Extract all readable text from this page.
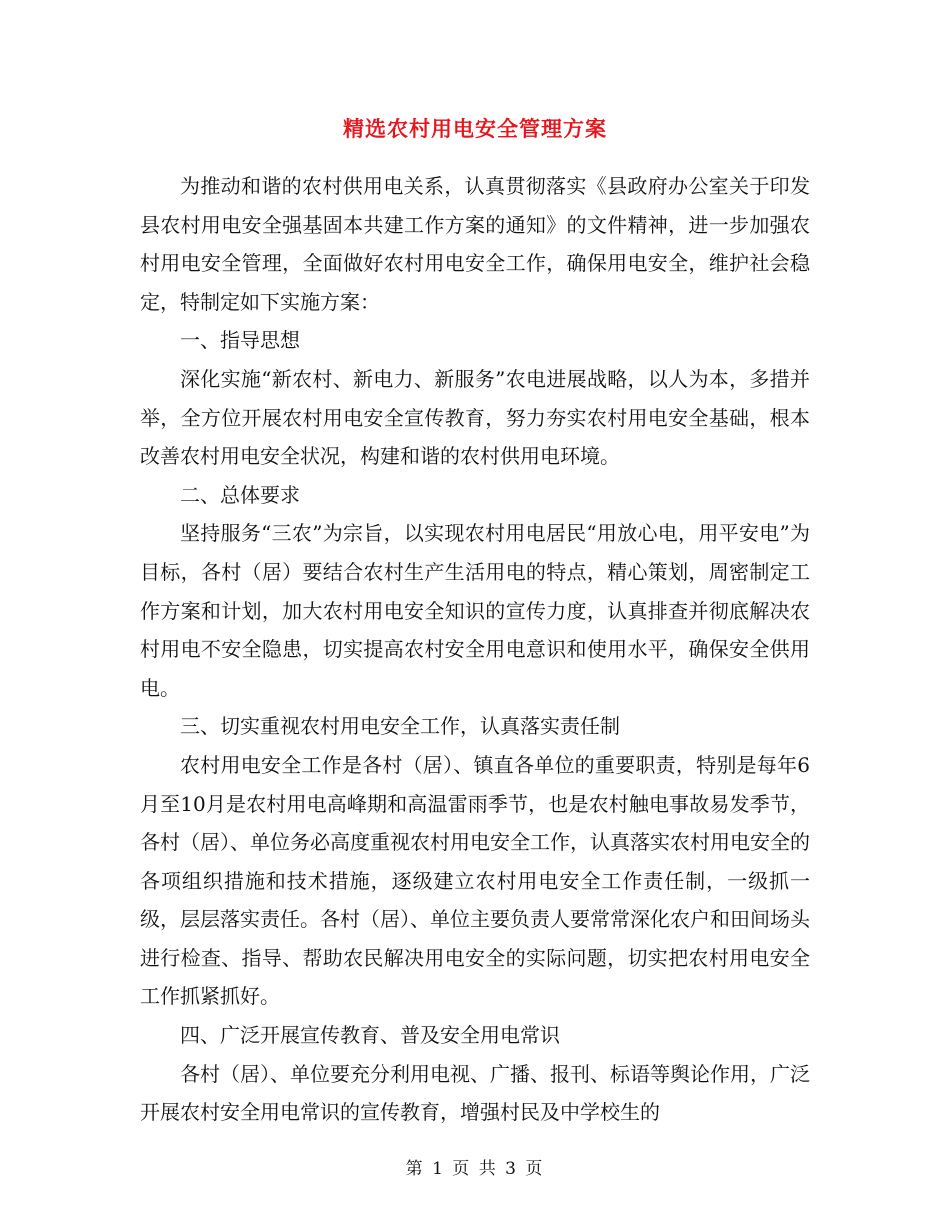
精选农村用电安全管理方案

为推动和谐的农村供用电关系，认真贯彻落实《县政府办公室关于印发县农村用电安全强基固本共建工作方案的通知》的文件精神，进一步加强农村用电安全管理，全面做好农村用电安全工作，确保用电安全，维护社会稳定，特制定如下实施方案：

一、指导思想

深化实施“新农村、新电力、新服务”农电进展战略，以人为本，多措并举，全方位开展农村用电安全宣传教育，努力夯实农村用电安全基础，根本改善农村用电安全状况，构建和谐的农村供用电环境。

二、总体要求

坚持服务“三农”为宗旨，以实现农村用电居民“用放心电，用平安电”为目标，各村（居）要结合农村生产生活用电的特点，精心策划，周密制定工作方案和计划，加大农村用电安全知识的宣传力度，认真排查并彻底解决农村用电不安全隐患，切实提高农村安全用电意识和使用水平，确保安全供用电。

三、切实重视农村用电安全工作，认真落实责任制

农村用电安全工作是各村（居）、镇直各单位的重要职责，特别是每年6月至10月是农村用电高峰期和高温雷雨季节，也是农村触电事故易发季节，各村（居）、单位务必高度重视农村用电安全工作，认真落实农村用电安全的各项组织措施和技术措施，逐级建立农村用电安全工作责任制，一级抓一级，层层落实责任。各村（居）、单位主要负责人要常常深化农户和田间场头进行检查、指导、帮助农民解决用电安全的实际问题，切实把农村用电安全工作抓紧抓好。

四、广泛开展宣传教育、普及安全用电常识

各村（居）、单位要充分利用电视、广播、报刊、标语等舆论作用，广泛开展农村安全用电常识的宣传教育，增强村民及中学校生的

第 1 页 共 3 页
